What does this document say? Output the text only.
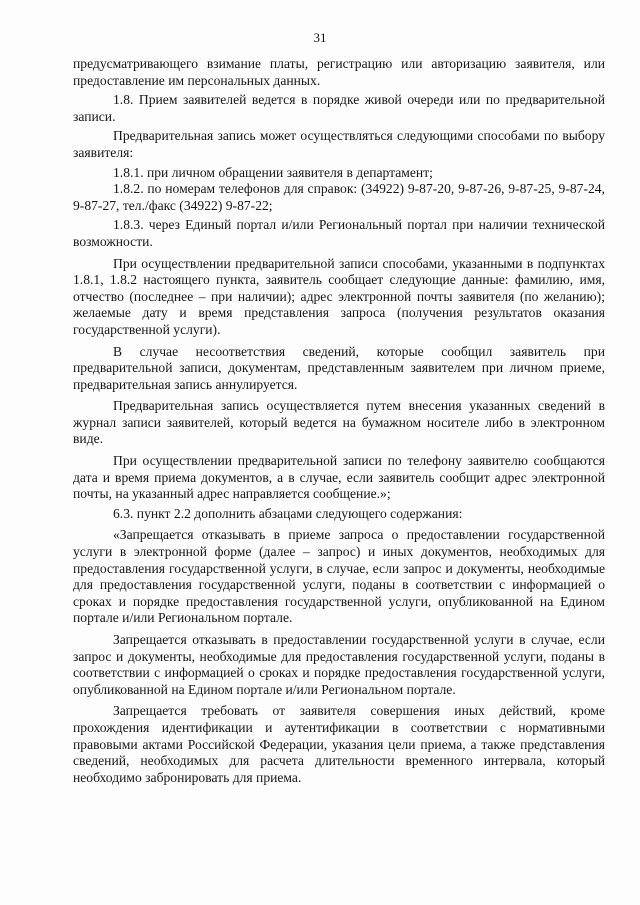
31

предусматривающего взимание платы, регистрацию или авторизацию заявителя, или предоставление им персональных данных.

1.8. Прием заявителей ведется в порядке живой очереди или по предварительной записи.

Предварительная запись может осуществляться следующими способами по выбору заявителя:

1.8.1. при личном обращении заявителя в департамент;

1.8.2. по номерам телефонов для справок: (34922) 9-87-20, 9-87-26, 9-87-25, 9-87-24, 9-87-27, тел./факс (34922) 9-87-22;

1.8.3. через Единый портал и/или Региональный портал при наличии технической возможности.

При осуществлении предварительной записи способами, указанными в подпунктах 1.8.1, 1.8.2 настоящего пункта, заявитель сообщает следующие данные: фамилию, имя, отчество (последнее – при наличии); адрес электронной почты заявителя (по желанию); желаемые дату и время представления запроса (получения результатов оказания государственной услуги).

В случае несоответствия сведений, которые сообщил заявитель при предварительной записи, документам, представленным заявителем при личном приеме, предварительная запись аннулируется.

Предварительная запись осуществляется путем внесения указанных сведений в журнал записи заявителей, который ведется на бумажном носителе либо в электронном виде.

При осуществлении предварительной записи по телефону заявителю сообщаются дата и время приема документов, а в случае, если заявитель сообщит адрес электронной почты, на указанный адрес направляется сообщение.»;

6.3. пункт 2.2 дополнить абзацами следующего содержания:

«Запрещается отказывать в приеме запроса о предоставлении государственной услуги в электронной форме (далее – запрос) и иных документов, необходимых для предоставления государственной услуги, в случае, если запрос и документы, необходимые для предоставления государственной услуги, поданы в соответствии с информацией о сроках и порядке предоставления государственной услуги, опубликованной на Едином портале и/или Региональном портале.

Запрещается отказывать в предоставлении государственной услуги в случае, если запрос и документы, необходимые для предоставления государственной услуги, поданы в соответствии с информацией о сроках и порядке предоставления государственной услуги, опубликованной на Едином портале и/или Региональном портале.

Запрещается требовать от заявителя совершения иных действий, кроме прохождения идентификации и аутентификации в соответствии с нормативными правовыми актами Российской Федерации, указания цели приема, а также представления сведений, необходимых для расчета длительности временного интервала, который необходимо забронировать для приема.
